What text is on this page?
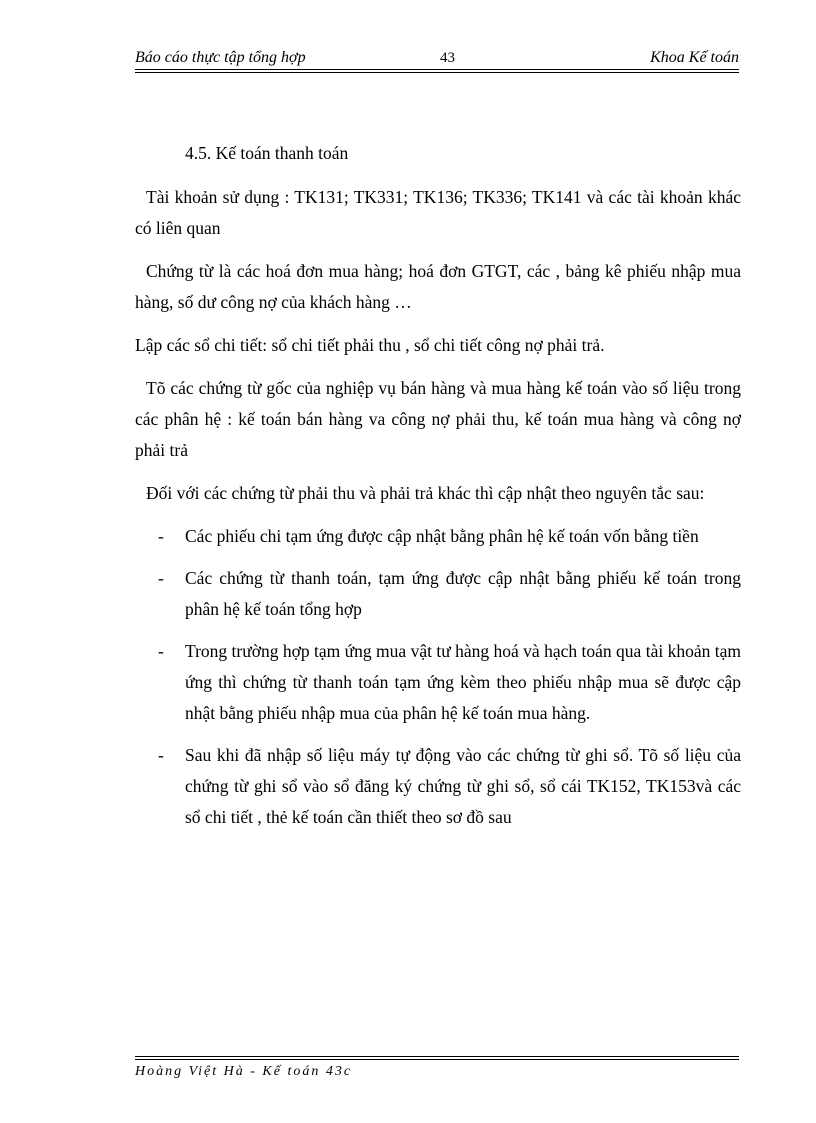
Báo cáo thực tập tổng hợp	43	Khoa Kế toán
4.5. Kế toán thanh toán

Tài khoản sử dụng : TK131; TK331; TK136; TK336; TK141 và các tài khoản khác có liên quan

Chứng từ là các hoá đơn mua hàng; hoá đơn GTGT, các , bảng kê phiếu nhập mua hàng, số dư công nợ của khách hàng …

Lập các sổ chi tiết: sổ chi tiết phải thu , sổ chi tiết công nợ phải trả.

Tõ các chứng từ gốc của nghiệp vụ bán hàng và mua hàng kế toán vào số liệu trong các phân hệ : kế toán bán hàng va công nợ phải thu, kế toán mua hàng và công nợ phải trả

Đối với các chứng từ phải thu và phải trả khác thì cập nhật theo nguyên tắc sau:

- Các phiếu chi tạm ứng được cập nhật bằng phân hệ kế toán vốn bằng tiền
- Các chứng từ thanh toán, tạm ứng được cập nhật bằng phiếu kế toán trong phân hệ kế toán tổng hợp
- Trong trường hợp tạm ứng mua vật tư hàng hoá và hạch toán qua tài khoản tạm ứng thì chứng từ thanh toán tạm ứng kèm theo phiếu nhập mua sẽ được cập nhật bằng phiếu nhập mua của phân hệ kế toán mua hàng.
- Sau khi đã nhập số liệu máy tự động vào các chứng từ ghi sổ. Tõ số liệu của chứng từ ghi sổ vào sổ đăng ký chứng từ ghi sổ, sổ cái TK152, TK153và các sổ chi tiết , thẻ kế toán cần thiết theo sơ đồ sau
Hoàng Việt Hà - Kế toán 43c
